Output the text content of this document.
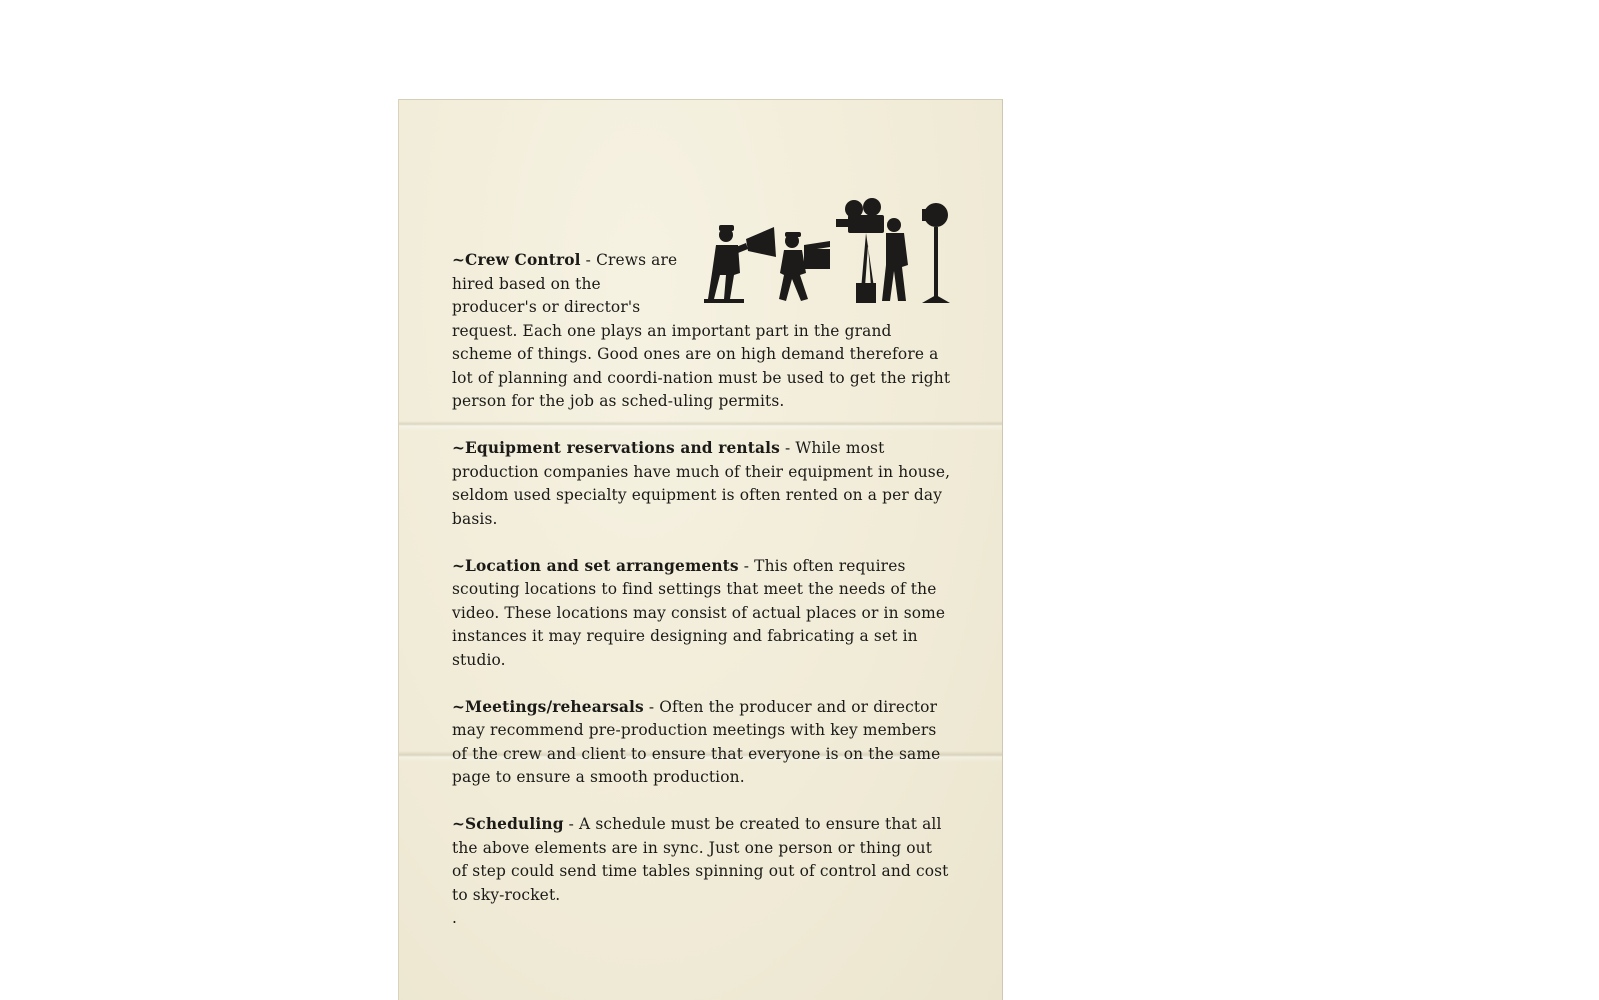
~Crew Control - Crews are hired based on the producer's or director's request. Each one plays an important part in the grand scheme of things. Good ones are on high demand therefore a lot of planning and coordi-nation must be used to get the right person for the job as sched-uling permits.

~Equipment reservations and rentals - While most production companies have much of their equipment in house, seldom used specialty equipment is often rented on a per day basis.

~Location and set arrangements - This often requires scouting locations to find settings that meet the needs of the video. These locations may consist of actual places or in some instances it may require designing and fabricating a set in studio.

~Meetings/rehearsals - Often the producer and or director may recommend pre-production meetings with key members of the crew and client to ensure that everyone is on the same page to ensure a smooth production.

~Scheduling - A schedule must be created to ensure that all the above elements are in sync. Just one person or thing out of step could send time tables spinning out of control and cost to sky-rocket.

.
